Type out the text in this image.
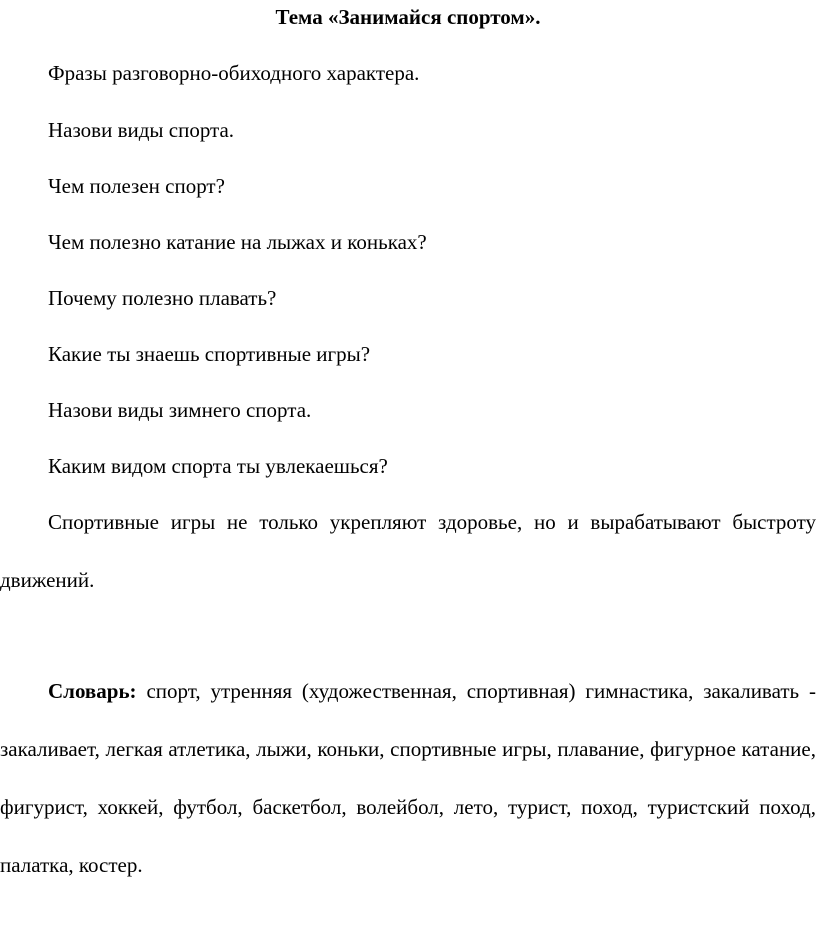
Тема «Занимайся спортом».

Фразы разговорно-обиходного характера.

Назови виды спорта.

Чем полезен спорт?

Чем полезно катание на лыжах и коньках?

Почему полезно плавать?

Какие ты знаешь спортивные игры?

Назови виды зимнего спорта.

Каким видом спорта ты увлекаешься?

Спортивные игры не только укрепляют здоровье, но и вырабатывают быстроту движений.

Словарь: спорт, утренняя (художественная, спортивная) гимнастика, закаливать - закаливает, легкая атлетика, лыжи, коньки, спортивные игры, плавание, фигурное катание, фигурист, хоккей, футбол, баскетбол, волейбол, лето, турист, поход, туристский поход, палатка, костер.
